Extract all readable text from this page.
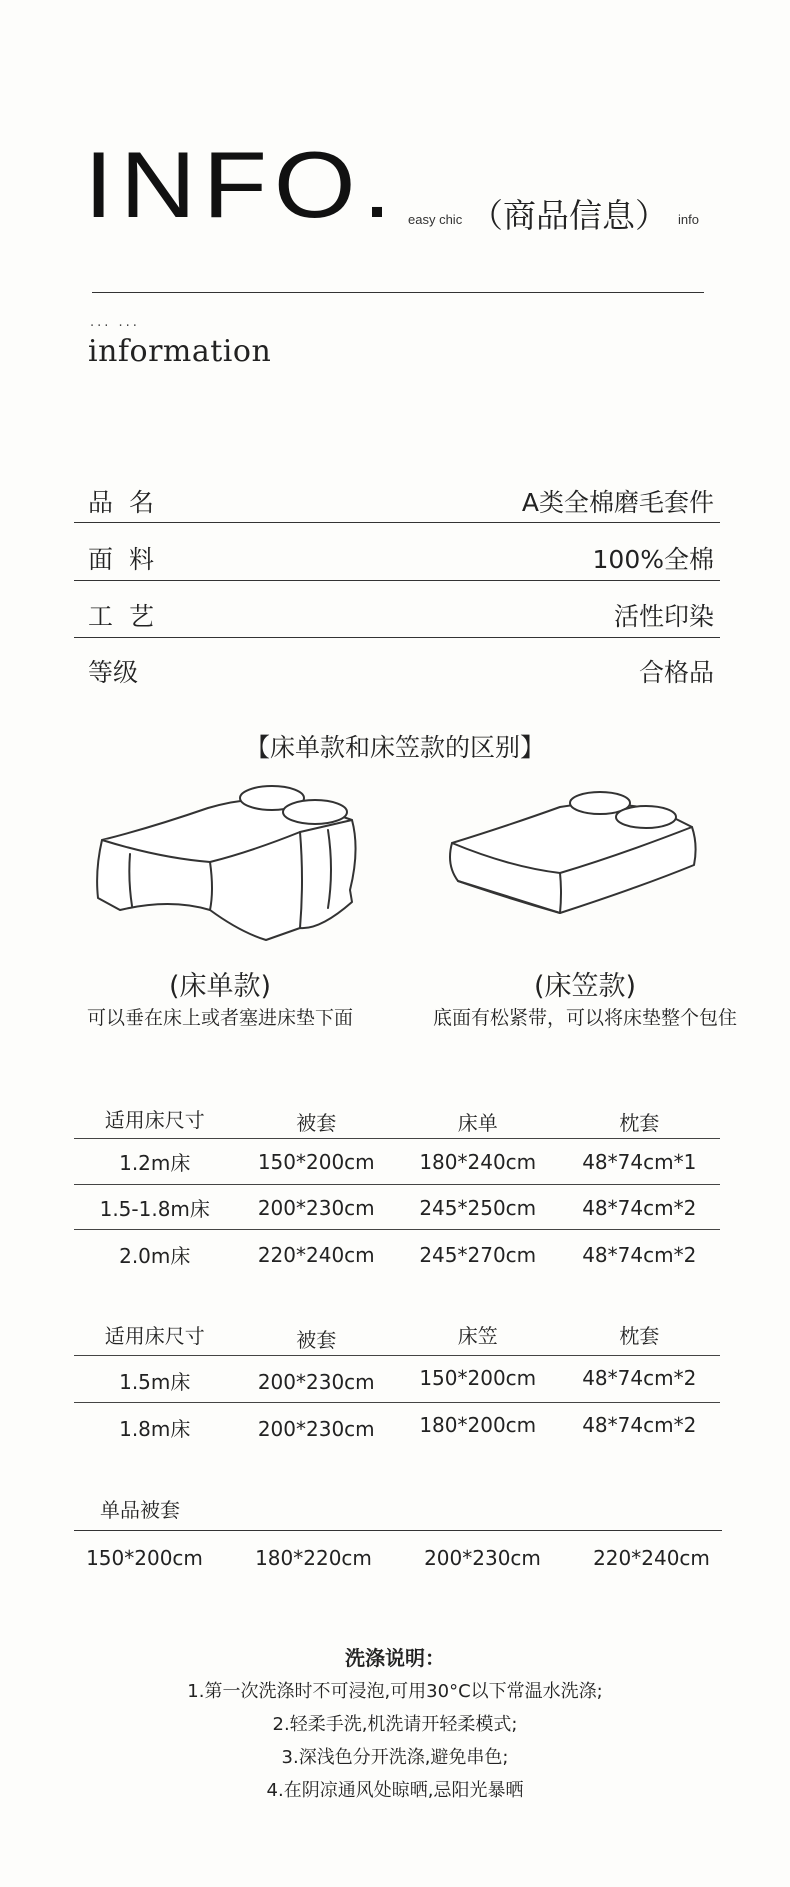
INFO. easy chic （商品信息） info
... ...
information
品 名	A类全棉磨毛套件
面 料	100%全棉
工 艺	活性印染
等级	合格品
【床单款和床笠款的区别】
(床单款)
可以垂在床上或者塞进床垫下面
(床笠款)
底面有松紧带，可以将床垫整个包住
适用床尺寸	被套	床单	枕套
1.2m床	150*200cm	180*240cm	48*74cm*1
1.5-1.8m床	200*230cm	245*250cm	48*74cm*2
2.0m床	220*240cm	245*270cm	48*74cm*2
适用床尺寸	被套	床笠	枕套
1.5m床	200*230cm	150*200cm	48*74cm*2
1.8m床	200*230cm	180*200cm	48*74cm*2
单品被套
150*200cm	180*220cm	200*230cm	220*240cm
洗涤说明：
1.第一次洗涤时不可浸泡,可用30°C以下常温水洗涤;
2.轻柔手洗,机洗请开轻柔模式;
3.深浅色分开洗涤,避免串色;
4.在阴凉通风处晾晒,忌阳光暴晒
